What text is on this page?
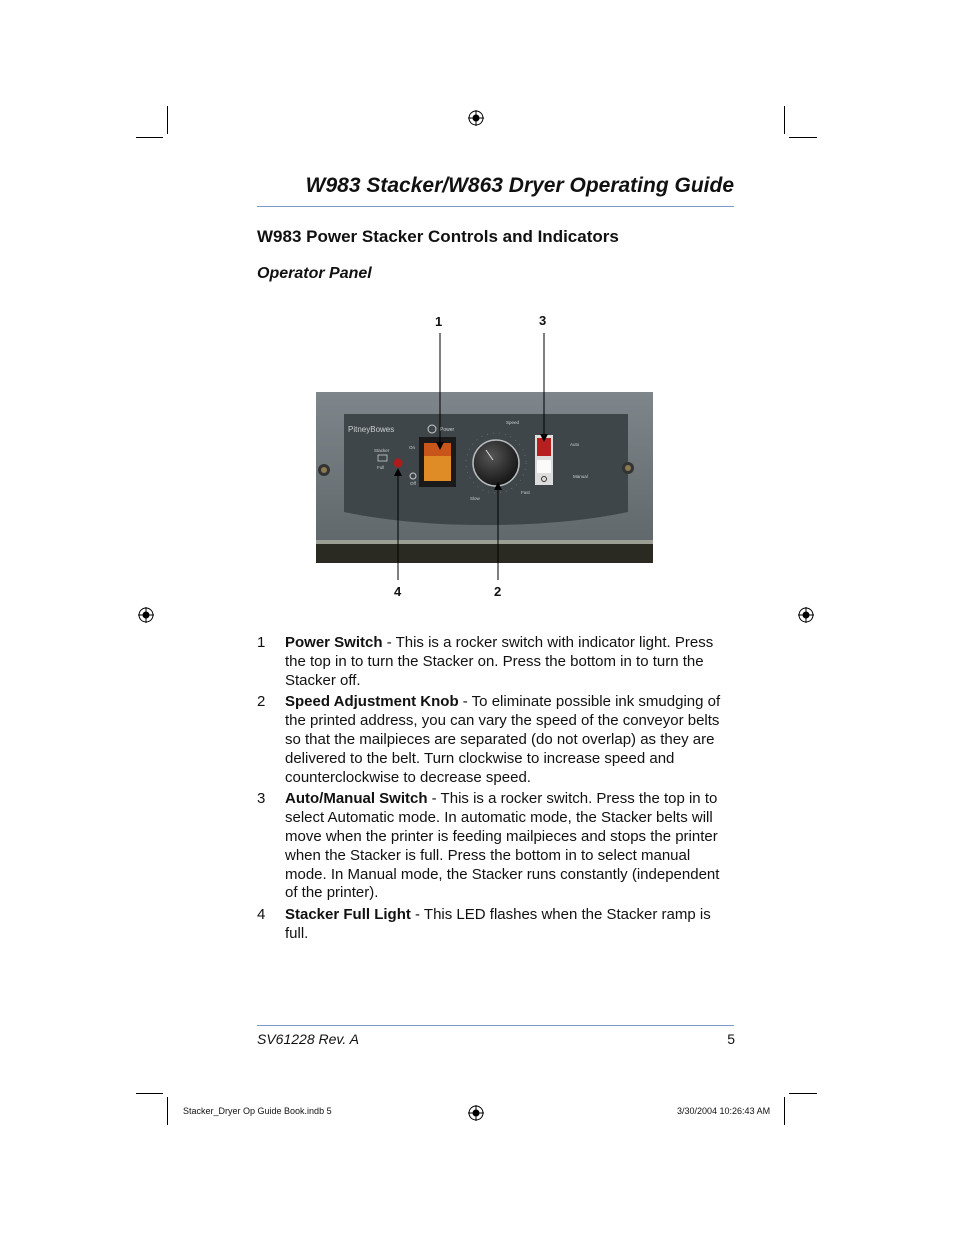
W983 Stacker/W863 Dryer Operating Guide
W983 Power Stacker Controls and Indicators
Operator Panel
1	3
4	2
PitneyBowes	Power
On
Off
Stacker
Full
Speed
Slow
Fast
Auto
Manual
1	Power Switch - This is a rocker switch with indicator light. Press the top in to turn the Stacker on. Press the bottom in to turn the Stacker off.
2	Speed Adjustment Knob - To eliminate possible ink smudging of the printed address, you can vary the speed of the conveyor belts so that the mailpieces are separated (do not overlap) as they are delivered to the belt. Turn clockwise to increase speed and counterclockwise to decrease speed.
3	Auto/Manual Switch - This is a rocker switch. Press the top in to select Automatic mode. In automatic mode, the Stacker belts will move when the printer is feeding mailpieces and stops the printer when the Stacker is full. Press the bottom in to select manual mode. In Manual mode, the Stacker runs constantly (independent of the printer).
4	Stacker Full Light - This LED flashes when the Stacker ramp is full.
SV61228 Rev. A	5
Stacker_Dryer Op Guide Book.indb 5	3/30/2004 10:26:43 AM
